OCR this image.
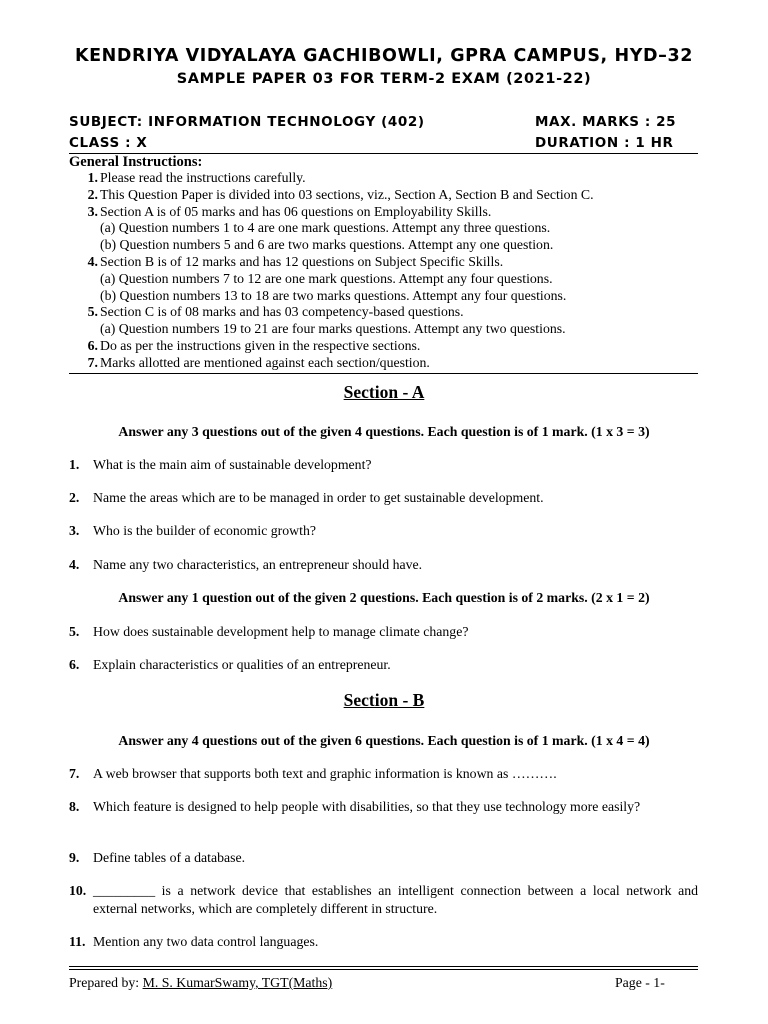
KENDRIYA VIDYALAYA GACHIBOWLI, GPRA CAMPUS, HYD–32
SAMPLE PAPER 03 FOR TERM-2 EXAM (2021-22)
SUBJECT: INFORMATION TECHNOLOGY (402)	MAX. MARKS : 25
CLASS : X	DURATION : 1 HR
General Instructions:
1. Please read the instructions carefully.
2. This Question Paper is divided into 03 sections, viz., Section A, Section B and Section C.
3. Section A is of 05 marks and has 06 questions on Employability Skills.
(a) Question numbers 1 to 4 are one mark questions. Attempt any three questions.
(b) Question numbers 5 and 6 are two marks questions. Attempt any one question.
4. Section B is of 12 marks and has 12 questions on Subject Specific Skills.
(a) Question numbers 7 to 12 are one mark questions. Attempt any four questions.
(b) Question numbers 13 to 18 are two marks questions. Attempt any four questions.
5. Section C is of 08 marks and has 03 competency-based questions.
(a) Question numbers 19 to 21 are four marks questions. Attempt any two questions.
6. Do as per the instructions given in the respective sections.
7. Marks allotted are mentioned against each section/question.
Section - A
Answer any 3 questions out of the given 4 questions. Each question is of 1 mark. (1 x 3 = 3)
1. What is the main aim of sustainable development?
2. Name the areas which are to be managed in order to get sustainable development.
3. Who is the builder of economic growth?
4. Name any two characteristics, an entrepreneur should have.
Answer any 1 question out of the given 2 questions. Each question is of 2 marks. (2 x 1 = 2)
5. How does sustainable development help to manage climate change?
6. Explain characteristics or qualities of an entrepreneur.
Section - B
Answer any 4 questions out of the given 6 questions. Each question is of 1 mark. (1 x 4 = 4)
7. A web browser that supports both text and graphic information is known as ……….
8. Which feature is designed to help people with disabilities, so that they use technology more easily?
9. Define tables of a database.
10. _________ is a network device that establishes an intelligent connection between a local network and external networks, which are completely different in structure.
11. Mention any two data control languages.
Prepared by: M. S. KumarSwamy, TGT(Maths)	Page - 1-
